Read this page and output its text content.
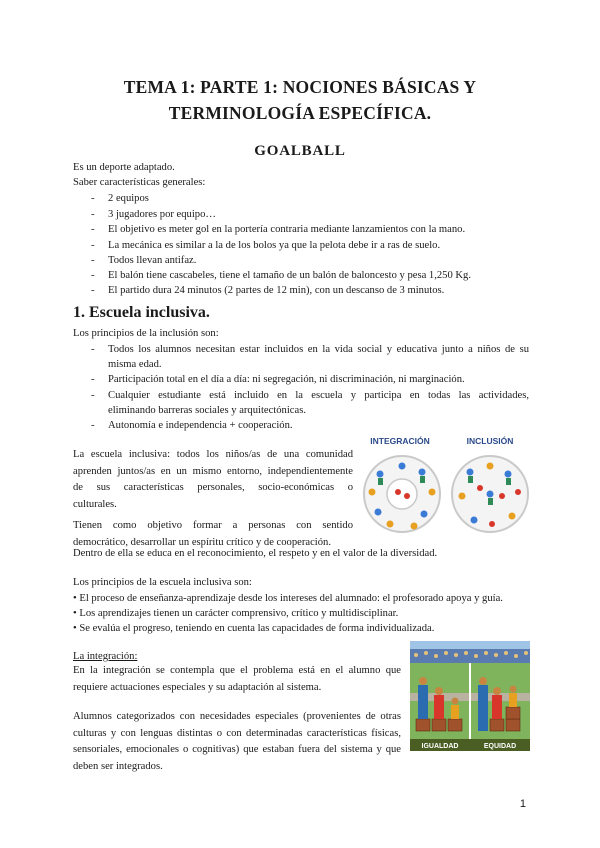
TEMA 1: PARTE 1: NOCIONES BÁSICAS Y
TERMINOLOGÍA ESPECÍFICA.
GOALBALL
Es un deporte adaptado.
Saber características generales:
- 2 equipos
- 3 jugadores por equipo…
- El objetivo es meter gol en la portería contraria mediante lanzamientos con la mano.
- La mecánica es similar a la de los bolos ya que la pelota debe ir a ras de suelo.
- Todos llevan antifaz.
- El balón tiene cascabeles, tiene el tamaño de un balón de baloncesto y pesa 1,250 Kg.
- El partido dura 24 minutos (2 partes de 12 min), con un descanso de 3 minutos.
1. Escuela inclusiva.
Los principios de la inclusión son:
- Todos los alumnos necesitan estar incluidos en la vida social y educativa junto a niños de su
misma edad.
- Participación total en el día a día: ni segregación, ni discriminación, ni marginación.
- Cualquier estudiante está incluido en la escuela y participa en todas las actividades,
eliminando barreras sociales y arquitectónicas.
- Autonomía e independencia + cooperación.
La escuela inclusiva: todos los niños/as de una comunidad
aprenden juntos/as en un mismo entorno, independientemente
de sus características personales, socio-económicas o
culturales.
Tienen como objetivo formar a personas con sentido
democrático, desarrollar un espíritu crítico y de cooperación.
Dentro de ella se educa en el reconocimiento, el respeto y en el valor de la diversidad.
INTEGRACIÓN	INCLUSIÓN
Los principios de la escuela inclusiva son:
• El proceso de enseñanza-aprendizaje desde los intereses del alumnado: el profesorado apoya y guía.
• Los aprendizajes tienen un carácter comprensivo, crítico y multidisciplinar.
• Se evalúa el progreso, teniendo en cuenta las capacidades de forma individualizada.
La integración:
En la integración se contempla que el problema está en el alumno que
requiere actuaciones especiales y su adaptación al sistema.
Alumnos categorizados con necesidades especiales (provenientes de otras
culturas y con lenguas distintas o con determinadas características físicas,
sensoriales, emocionales o cognitivas) que estaban fuera del sistema y que
deben ser integrados.
IGUALDAD	EQUIDAD
1
